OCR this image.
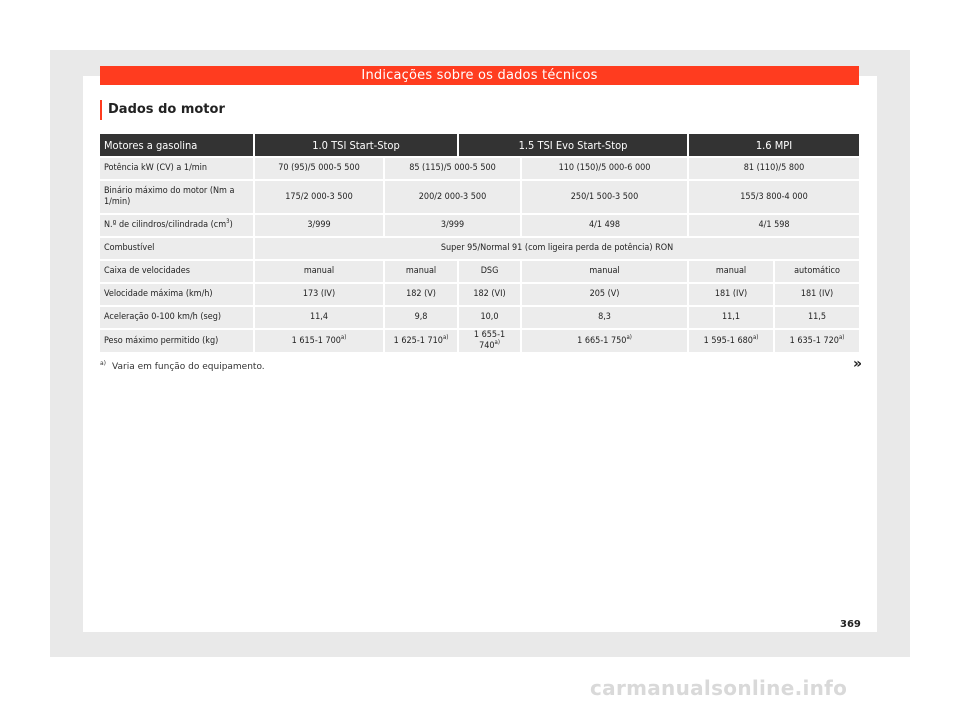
Indicações sobre os dados técnicos
Dados do motor
Motores a gasolina	1.0 TSI Start-Stop		1.5 TSI Evo Start-Stop		1.6 MPI	
Potência kW (CV) a 1/min	70 (95)/5 000-5 500	85 (115)/5 000-5 500		110 (150)/5 000-6 000	81 (110)/5 800	
Binário máximo do motor (Nm a 1/min)	175/2 000-3 500	200/2 000-3 500		250/1 500-3 500	155/3 800-4 000	
N.º de cilindros/cilindrada $(cm^3)$	3/999	3/999		4/1 498	4/1 598	
Combustível	Super 95/Normal 91 (com ligeira perda de potência) RON					
Caixa de velocidades	manual	manual	DSG	manual	manual	automático
Velocidade máxima (km/h)	173 (IV)	182 (V)	182 (VI)	205 (V)	181 (IV)	181 (IV)
Aceleração 0-100 km/h (seg)	11,4	9,8	10,0	8,3	11,1	11,5
Peso máximo permitido (kg)	1 615-1 700$^{a)}$	1 625-1 710$^{a)}$	1 655-1 740$^{a)}$	1 665-1 750$^{a)}$	1 595-1 680$^{a)}$	1 635-1 720$^{a)}$
$^{a)}$ Varia em função do equipamento.	»
369
carmanualsonline.info
